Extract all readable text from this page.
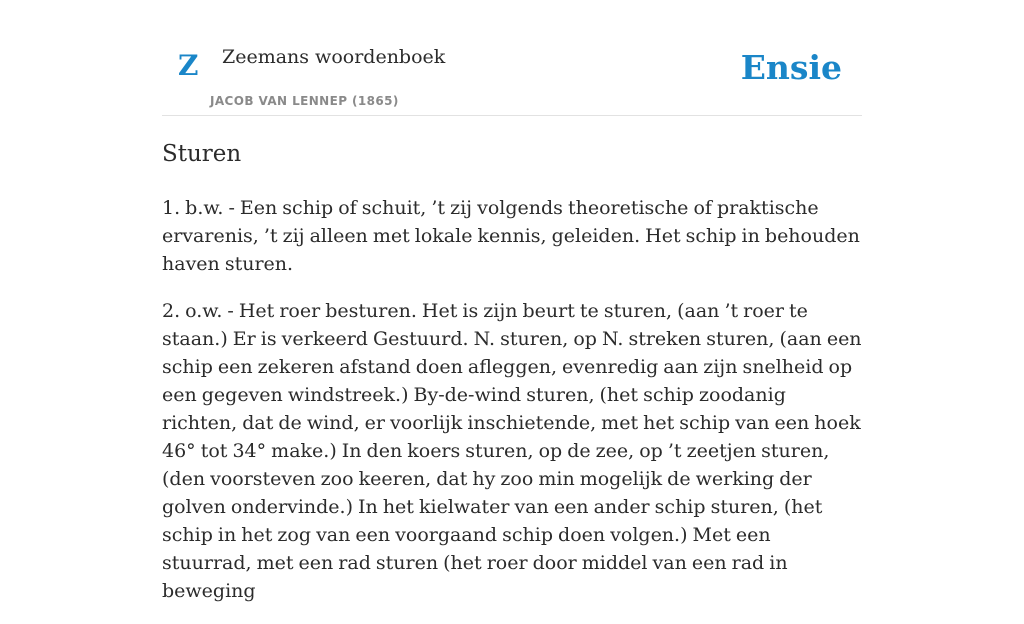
Z Zeemans woordenboek
JACOB VAN LENNEP (1865)
Ensie
Sturen

1. b.w. - Een schip of schuit, ’t zij volgends theoretische of praktische ervarenis, ’t zij alleen met lokale kennis, geleiden. Het schip in behouden haven sturen.

2. o.w. - Het roer besturen. Het is zijn beurt te sturen, (aan ’t roer te staan.) Er is verkeerd Gestuurd. N. sturen, op N. streken sturen, (aan een schip een zekeren afstand doen afleggen, evenredig aan zijn snelheid op een gegeven windstreek.) By-de-wind sturen, (het schip zoodanig richten, dat de wind, er voorlijk inschietende, met het schip van een hoek 46° tot 34° make.) In den koers sturen, op de zee, op ’t zeetjen sturen, (den voorsteven zoo keeren, dat hy zoo min mogelijk de werking der golven ondervinde.) In het kielwater van een ander schip sturen, (het schip in het zog van een voorgaand schip doen volgen.) Met een stuurrad, met een rad sturen (het roer door middel van een rad in beweging
